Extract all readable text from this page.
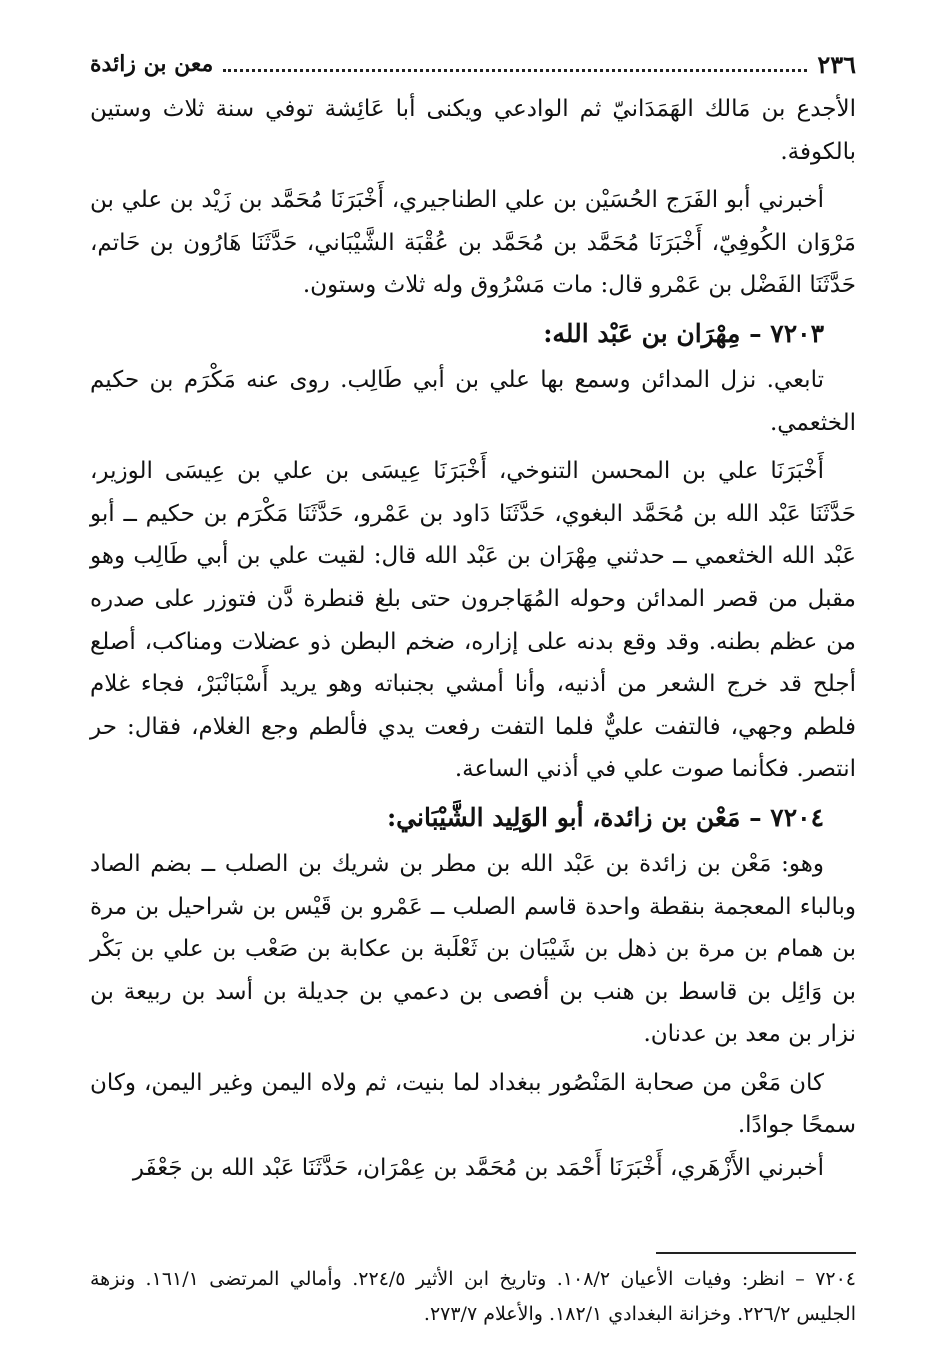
٢٣٦
معن بن زائدة

الأجدع بن مَالك الهَمَدَانيّ ثم الوادعي ويكنى أبا عَائِشة توفي سنة ثلاث وستين بالكوفة.

أخبرني أبو الفَرَج الحُسَيْن بن علي الطناجيري، أَخْبَرَنَا مُحَمَّد بن زَيْد بن علي بن مَرْوَان الكُوفِيّ، أَخْبَرَنَا مُحَمَّد بن مُحَمَّد بن عُقْبَة الشَّيْبَاني، حَدَّثَنَا هَارُون بن حَاتم، حَدَّثَنَا الفَضْل بن عَمْرو قال: مات مَسْرُوق وله ثلاث وستون.

٧٢٠٣ – مِهْرَان بن عَبْد الله:

تابعي. نزل المدائن وسمع بها علي بن أبي طَالِب. روى عنه مَكْرَم بن حكيم الخثعمي.

أَخْبَرَنَا علي بن المحسن التنوخي، أَخْبَرَنَا عِيسَى بن علي بن عِيسَى الوزير، حَدَّثَنَا عَبْد الله بن مُحَمَّد البغوي، حَدَّثَنَا دَاود بن عَمْرو، حَدَّثَنَا مَكْرَم بن حكيم ــ أبو عَبْد الله الخثعمي ــ حدثني مِهْرَان بن عَبْد الله قال: لقيت علي بن أبي طَالِب وهو مقبل من قصر المدائن وحوله المُهَاجرون حتى بلغ قنطرة دَّن فتوزر على صدره من عظم بطنه. وقد وقع بدنه على إزاره، ضخم البطن ذو عضلات ومناكب، أصلع أجلح قد خرج الشعر من أذنيه، وأنا أمشي بجنباته وهو يريد أَسْبَانْبَرْ، فجاء غلام فلطم وجهي، فالتفت عليٌّ فلما التفت رفعت يدي فألطم وجع الغلام، فقال: حر انتصر. فكأنما صوت علي في أذني الساعة.

٧٢٠٤ – مَعْن بن زائدة، أبو الوَلِيد الشَّيْبَاني:

وهو: مَعْن بن زائدة بن عَبْد الله بن مطر بن شريك بن الصلب ــ بضم الصاد وبالباء المعجمة بنقطة واحدة قاسم الصلب ــ عَمْرو بن قَيْس بن شراحيل بن مرة بن همام بن مرة بن ذهل بن شَيْبَان بن ثَعْلَبة بن عكابة بن صَعْب بن علي بن بَكْر بن وَائِل بن قاسط بن هنب بن أفصى بن دعمي بن جديلة بن أسد بن ربيعة بن نزار بن معد بن عدنان.

كان مَعْن من صحابة المَنْصُور ببغداد لما بنيت، ثم ولاه اليمن وغير اليمن، وكان سمحًا جوادًا.

أخبرني الأَزْهَري، أَخْبَرَنَا أَحْمَد بن مُحَمَّد بن عِمْرَان، حَدَّثَنَا عَبْد الله بن جَعْفَر

٧٢٠٤ – انظر: وفيات الأعيان ١٠٨/٢. وتاريخ ابن الأثير ٢٢٤/٥. وأمالي المرتضى ١٦١/١. ونزهة الجليس ٢٢٦/٢. وخزانة البغدادي ١٨٢/١. والأعلام ٢٧٣/٧.
